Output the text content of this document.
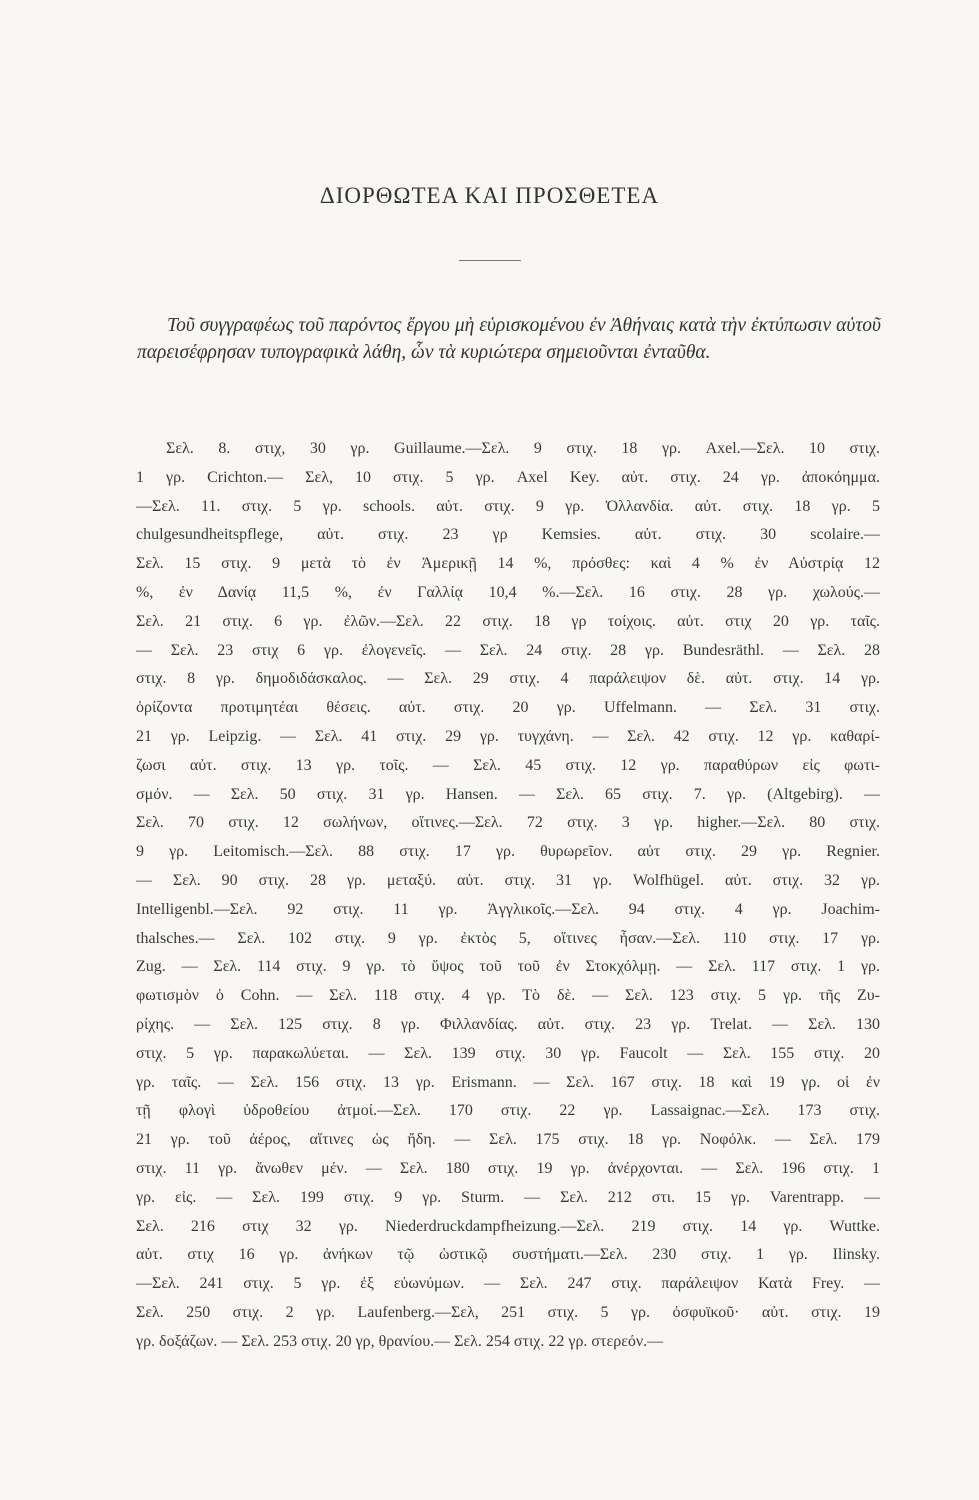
ΔΙΟΡΘΩΤΕΑ ΚΑΙ ΠΡΟΣΘΕΤΕΑ
Τοῦ συγγραφέως τοῦ παρόντος ἔργου μὴ εὑρισκομένου ἐν Ἀθήναις κατὰ τὴν ἐκτύπωσιν αὐτοῦ παρεισέφρησαν τυπογραφικὰ λάθη, ὧν τὰ κυριώτερα σημειοῦνται ἐνταῦθα.
Σελ. 8. στιχ, 30 γρ. Guillaume.—Σελ. 9 στιχ. 18 γρ. Axel.—Σελ. 10 στιχ.
1 γρ. Crichton.— Σελ, 10 στιχ. 5 γρ. Axel Key. αὐτ. στιχ. 24 γρ. ἀποκόημμα.
—Σελ. 11. στιχ. 5 γρ. schools. αὐτ. στιχ. 9 γρ. Ὀλλανδία. αὐτ. στιχ. 18 γρ. 5
chulgesundheitspflege, αὐτ. στιχ. 23 γρ Kemsies. αὐτ. στιχ. 30 scolaire.—
Σελ. 15 στιχ. 9 μετὰ τὸ ἐν Ἀμερικῇ 14 %, πρόσθες: καὶ 4 % ἐν Αὐστρίᾳ 12
%, ἐν Δανίᾳ 11,5 %, ἐν Γαλλίᾳ 10,4 %.—Σελ. 16 στιχ. 28 γρ. χωλούς.—
Σελ. 21 στιχ. 6 γρ. ἐλῶν.—Σελ. 22 στιχ. 18 γρ τοίχοις. αὐτ. στιχ 20 γρ. ταῖς.
— Σελ. 23 στιχ 6 γρ. ἐλογενεῖς. — Σελ. 24 στιχ. 28 γρ. Bundesräthl. — Σελ. 28
στιχ. 8 γρ. δημοδιδάσκαλος. — Σελ. 29 στιχ. 4 παράλειψον δὲ. αὐτ. στιχ. 14 γρ.
ὁρίζοντα προτιμητέαι θέσεις. αὐτ. στιχ. 20 γρ. Uffelmann. — Σελ. 31 στιχ.
21 γρ. Leipzig. — Σελ. 41 στιχ. 29 γρ. τυγχάνη. — Σελ. 42 στιχ. 12 γρ. καθαρί-
ζωσι αὐτ. στιχ. 13 γρ. τοῖς. — Σελ. 45 στιχ. 12 γρ. παραθύρων εἰς φωτι-
σμόν. — Σελ. 50 στιχ. 31 γρ. Hansen. — Σελ. 65 στιχ. 7. γρ. (Altgebirg). —
Σελ. 70 στιχ. 12 σωλήνων, οἵτινες.—Σελ. 72 στιχ. 3 γρ. higher.—Σελ. 80 στιχ.
9 γρ. Leitomisch.—Σελ. 88 στιχ. 17 γρ. θυρωρεῖον. αὐτ στιχ. 29 γρ. Regnier.
— Σελ. 90 στιχ. 28 γρ. μεταξύ. αὐτ. στιχ. 31 γρ. Wolfhügel. αὐτ. στιχ. 32 γρ.
Intelligenbl.—Σελ. 92 στιχ. 11 γρ. Ἀγγλικοῖς.—Σελ. 94 στιχ. 4 γρ. Joachim-
thalsches.— Σελ. 102 στιχ. 9 γρ. ἐκτὸς 5, οἵτινες ἦσαν.—Σελ. 110 στιχ. 17 γρ.
Zug. — Σελ. 114 στιχ. 9 γρ. τὸ ὕψος τοῦ τοῦ ἐν Στοκχόλμῃ. — Σελ. 117 στιχ. 1 γρ.
φωτισμὸν ὁ Cohn. — Σελ. 118 στιχ. 4 γρ. Τὸ δὲ. — Σελ. 123 στιχ. 5 γρ. τῆς Ζυ-
ρίχης. — Σελ. 125 στιχ. 8 γρ. Φιλλανδίας. αὐτ. στιχ. 23 γρ. Trelat. — Σελ. 130
στιχ. 5 γρ. παρακωλύεται. — Σελ. 139 στιχ. 30 γρ. Faucolt — Σελ. 155 στιχ. 20
γρ. ταῖς. — Σελ. 156 στιχ. 13 γρ. Erismann. — Σελ. 167 στιχ. 18 καὶ 19 γρ. οἱ ἐν
τῇ φλογὶ ὑδροθείου ἀτμοί.—Σελ. 170 στιχ. 22 γρ. Lassaignac.—Σελ. 173 στιχ.
21 γρ. τοῦ ἀέρος, αἵτινες ὡς ἤδη. — Σελ. 175 στιχ. 18 γρ. Νοφόλκ. — Σελ. 179
στιχ. 11 γρ. ἄνωθεν μέν. — Σελ. 180 στιχ. 19 γρ. ἀνέρχονται. — Σελ. 196 στιχ. 1
γρ. εἰς. — Σελ. 199 στιχ. 9 γρ. Sturm. — Σελ. 212 στι. 15 γρ. Varentrapp. —
Σελ. 216 στιχ 32 γρ. Niederdruckdampfheizung.—Σελ. 219 στιχ. 14 γρ. Wuttke.
αὐτ. στιχ 16 γρ. ἀνήκων τῷ ὡστικῷ συστήματι.—Σελ. 230 στιχ. 1 γρ. Ilinsky.
—Σελ. 241 στιχ. 5 γρ. ἐξ εὐωνύμων. — Σελ. 247 στιχ. παράλειψον Κατὰ Frey. —
Σελ. 250 στιχ. 2 γρ. Laufenberg.—Σελ, 251 στιχ. 5 γρ. ὀσφυϊκοῦ· αὐτ. στιχ. 19
γρ. δοξάζων. — Σελ. 253 στιχ. 20 γρ, θρανίου.— Σελ. 254 στιχ. 22 γρ. στερεόν.—
